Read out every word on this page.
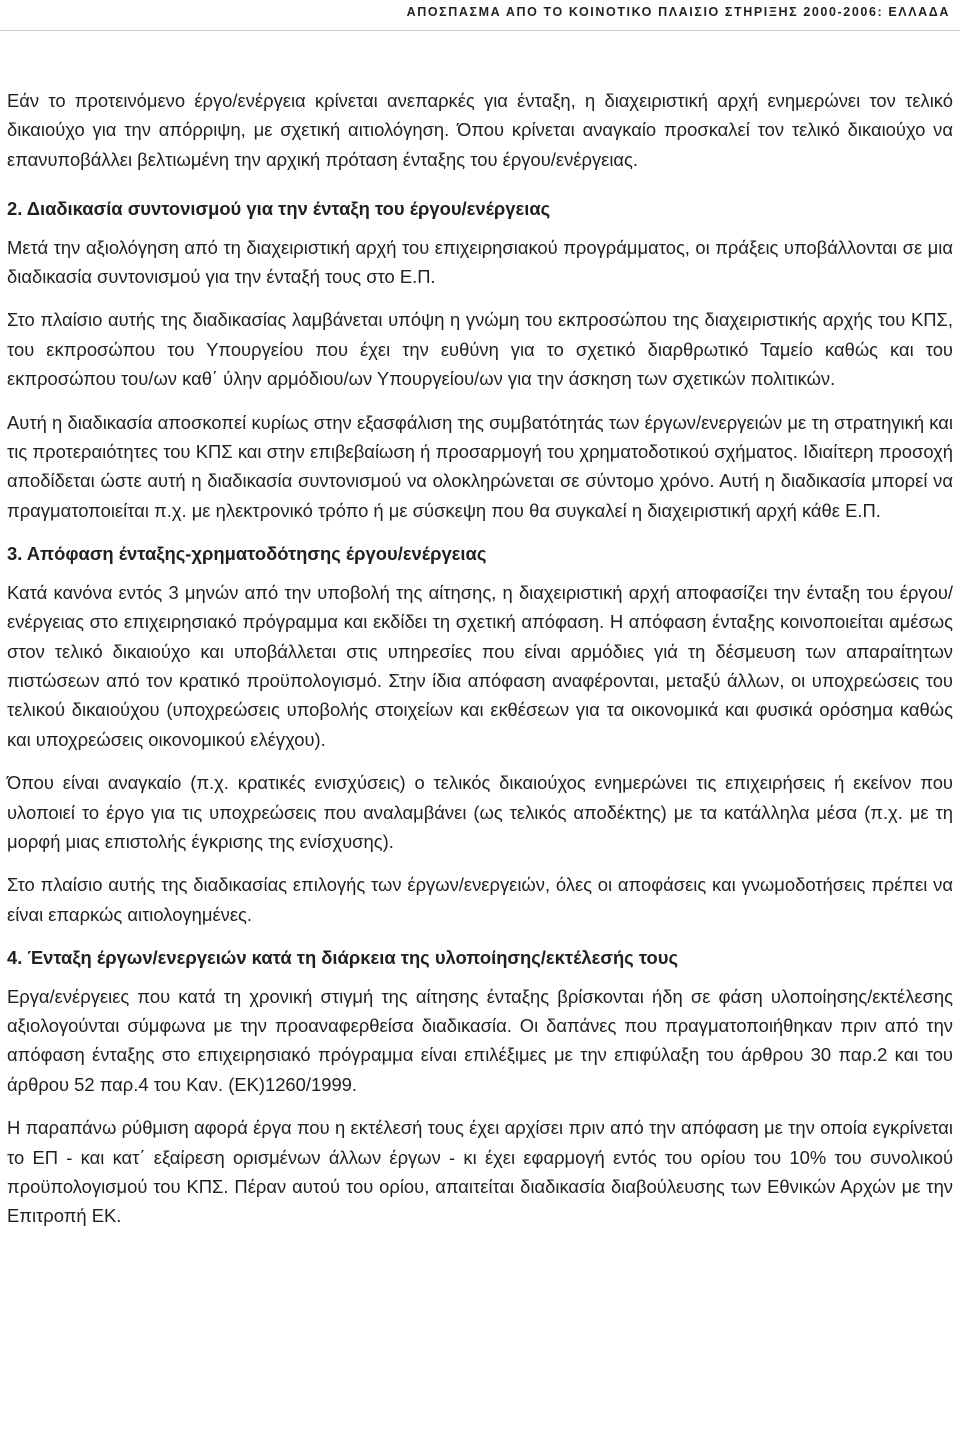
ΑΠΟΣΠΑΣΜΑ ΑΠΟ ΤΟ ΚΟΙΝΟΤΙΚΟ ΠΛΑΙΣΙΟ ΣΤΗΡΙΞΗΣ 2000-2006: ΕΛΛΑΔΑ

Εάν το προτεινόμενο έργο/ενέργεια κρίνεται ανεπαρκές για ένταξη, η διαχειριστική αρχή ενημερώνει τον τελικό δικαιούχο για την απόρριψη, με σχετική αιτιολόγηση. Όπου κρίνεται αναγκαίο προσκαλεί τον τελικό δικαιούχο να επανυποβάλλει βελτιωμένη την αρχική πρόταση ένταξης του έργου/ενέργειας.

2. Διαδικασία συντονισμού για την ένταξη του έργου/ενέργειας

Μετά την αξιολόγηση από τη διαχειριστική αρχή του επιχειρησιακού προγράμματος, οι πράξεις υποβάλλονται σε μια διαδικασία συντονισμού για την ένταξή τους στο Ε.Π.

Στο πλαίσιο αυτής της διαδικασίας λαμβάνεται υπόψη η γνώμη του εκπροσώπου της διαχειριστικής αρχής του ΚΠΣ, του εκπροσώπου του Υπουργείου που έχει την ευθύνη για το σχετικό διαρθρωτικό Ταμείο καθώς και του εκπροσώπου του/ων καθ΄ ύλην αρμόδιου/ων Υπουργείου/ων για την άσκηση των σχετικών πολιτικών.

Αυτή η διαδικασία αποσκοπεί κυρίως στην εξασφάλιση της συμβατότητάς των έργων/ενεργειών με τη στρατηγική και τις προτεραιότητες του ΚΠΣ και στην επιβεβαίωση ή προσαρμογή του χρηματοδοτικού σχήματος. Ιδιαίτερη προσοχή αποδίδεται ώστε αυτή η διαδικασία συντονισμού να ολοκληρώνεται σε σύντομο χρόνο. Αυτή η διαδικασία μπορεί να πραγματοποιείται π.χ. με ηλεκτρονικό τρόπο ή με σύσκεψη που θα συγκαλεί η διαχειριστική αρχή κάθε Ε.Π.

3. Απόφαση ένταξης-χρηματοδότησης έργου/ενέργειας

Κατά κανόνα εντός 3 μηνών από την υποβολή της αίτησης, η διαχειριστική αρχή αποφασίζει την ένταξη του έργου/ενέργειας στο επιχειρησιακό πρόγραμμα και εκδίδει τη σχετική απόφαση. Η απόφαση ένταξης κοινοποιείται αμέσως στον τελικό δικαιούχο και υποβάλλεται στις υπηρεσίες που είναι αρμόδιες γιά τη δέσμευση των απαραίτητων πιστώσεων από τον κρατικό προϋπολογισμό. Στην ίδια απόφαση αναφέρονται, μεταξύ άλλων, οι υποχρεώσεις του τελικού δικαιούχου (υποχρεώσεις υποβολής στοιχείων και εκθέσεων για τα οικονομικά και φυσικά ορόσημα καθώς και υποχρεώσεις οικονομικού ελέγχου).

Όπου είναι αναγκαίο (π.χ. κρατικές ενισχύσεις) ο τελικός δικαιούχος ενημερώνει τις επιχειρήσεις ή εκείνον που υλοποιεί το έργο για τις υποχρεώσεις που αναλαμβάνει (ως τελικός αποδέκτης) με τα κατάλληλα μέσα (π.χ. με τη μορφή μιας επιστολής έγκρισης της ενίσχυσης).

Στο πλαίσιο αυτής της διαδικασίας επιλογής των έργων/ενεργειών, όλες οι αποφάσεις και γνωμοδοτήσεις πρέπει να είναι επαρκώς αιτιολογημένες.

4. Ένταξη έργων/ενεργειών κατά τη διάρκεια της υλοποίησης/εκτέλεσής τους

Εργα/ενέργειες που κατά τη χρονική στιγμή της αίτησης ένταξης βρίσκονται ήδη σε φάση υλοποίησης/εκτέλεσης αξιολογούνται σύμφωνα με την προαναφερθείσα διαδικασία. Οι δαπάνες που πραγματοποιήθηκαν πριν από την απόφαση ένταξης στο επιχειρησιακό πρόγραμμα είναι επιλέξιμες με την επιφύλαξη του άρθρου 30 παρ.2 και του άρθρου 52 παρ.4 του Καν. (ΕΚ)1260/1999.

Η παραπάνω ρύθμιση αφορά έργα που η εκτέλεσή τους έχει αρχίσει πριν από την απόφαση με την οποία εγκρίνεται το ΕΠ - και κατ΄ εξαίρεση ορισμένων άλλων έργων - κι έχει εφαρμογή εντός του ορίου του 10% του συνολικού προϋπολογισμού του ΚΠΣ. Πέραν αυτού του ορίου, απαιτείται διαδικασία διαβούλευσης των Εθνικών Αρχών με την Επιτροπή ΕΚ.
